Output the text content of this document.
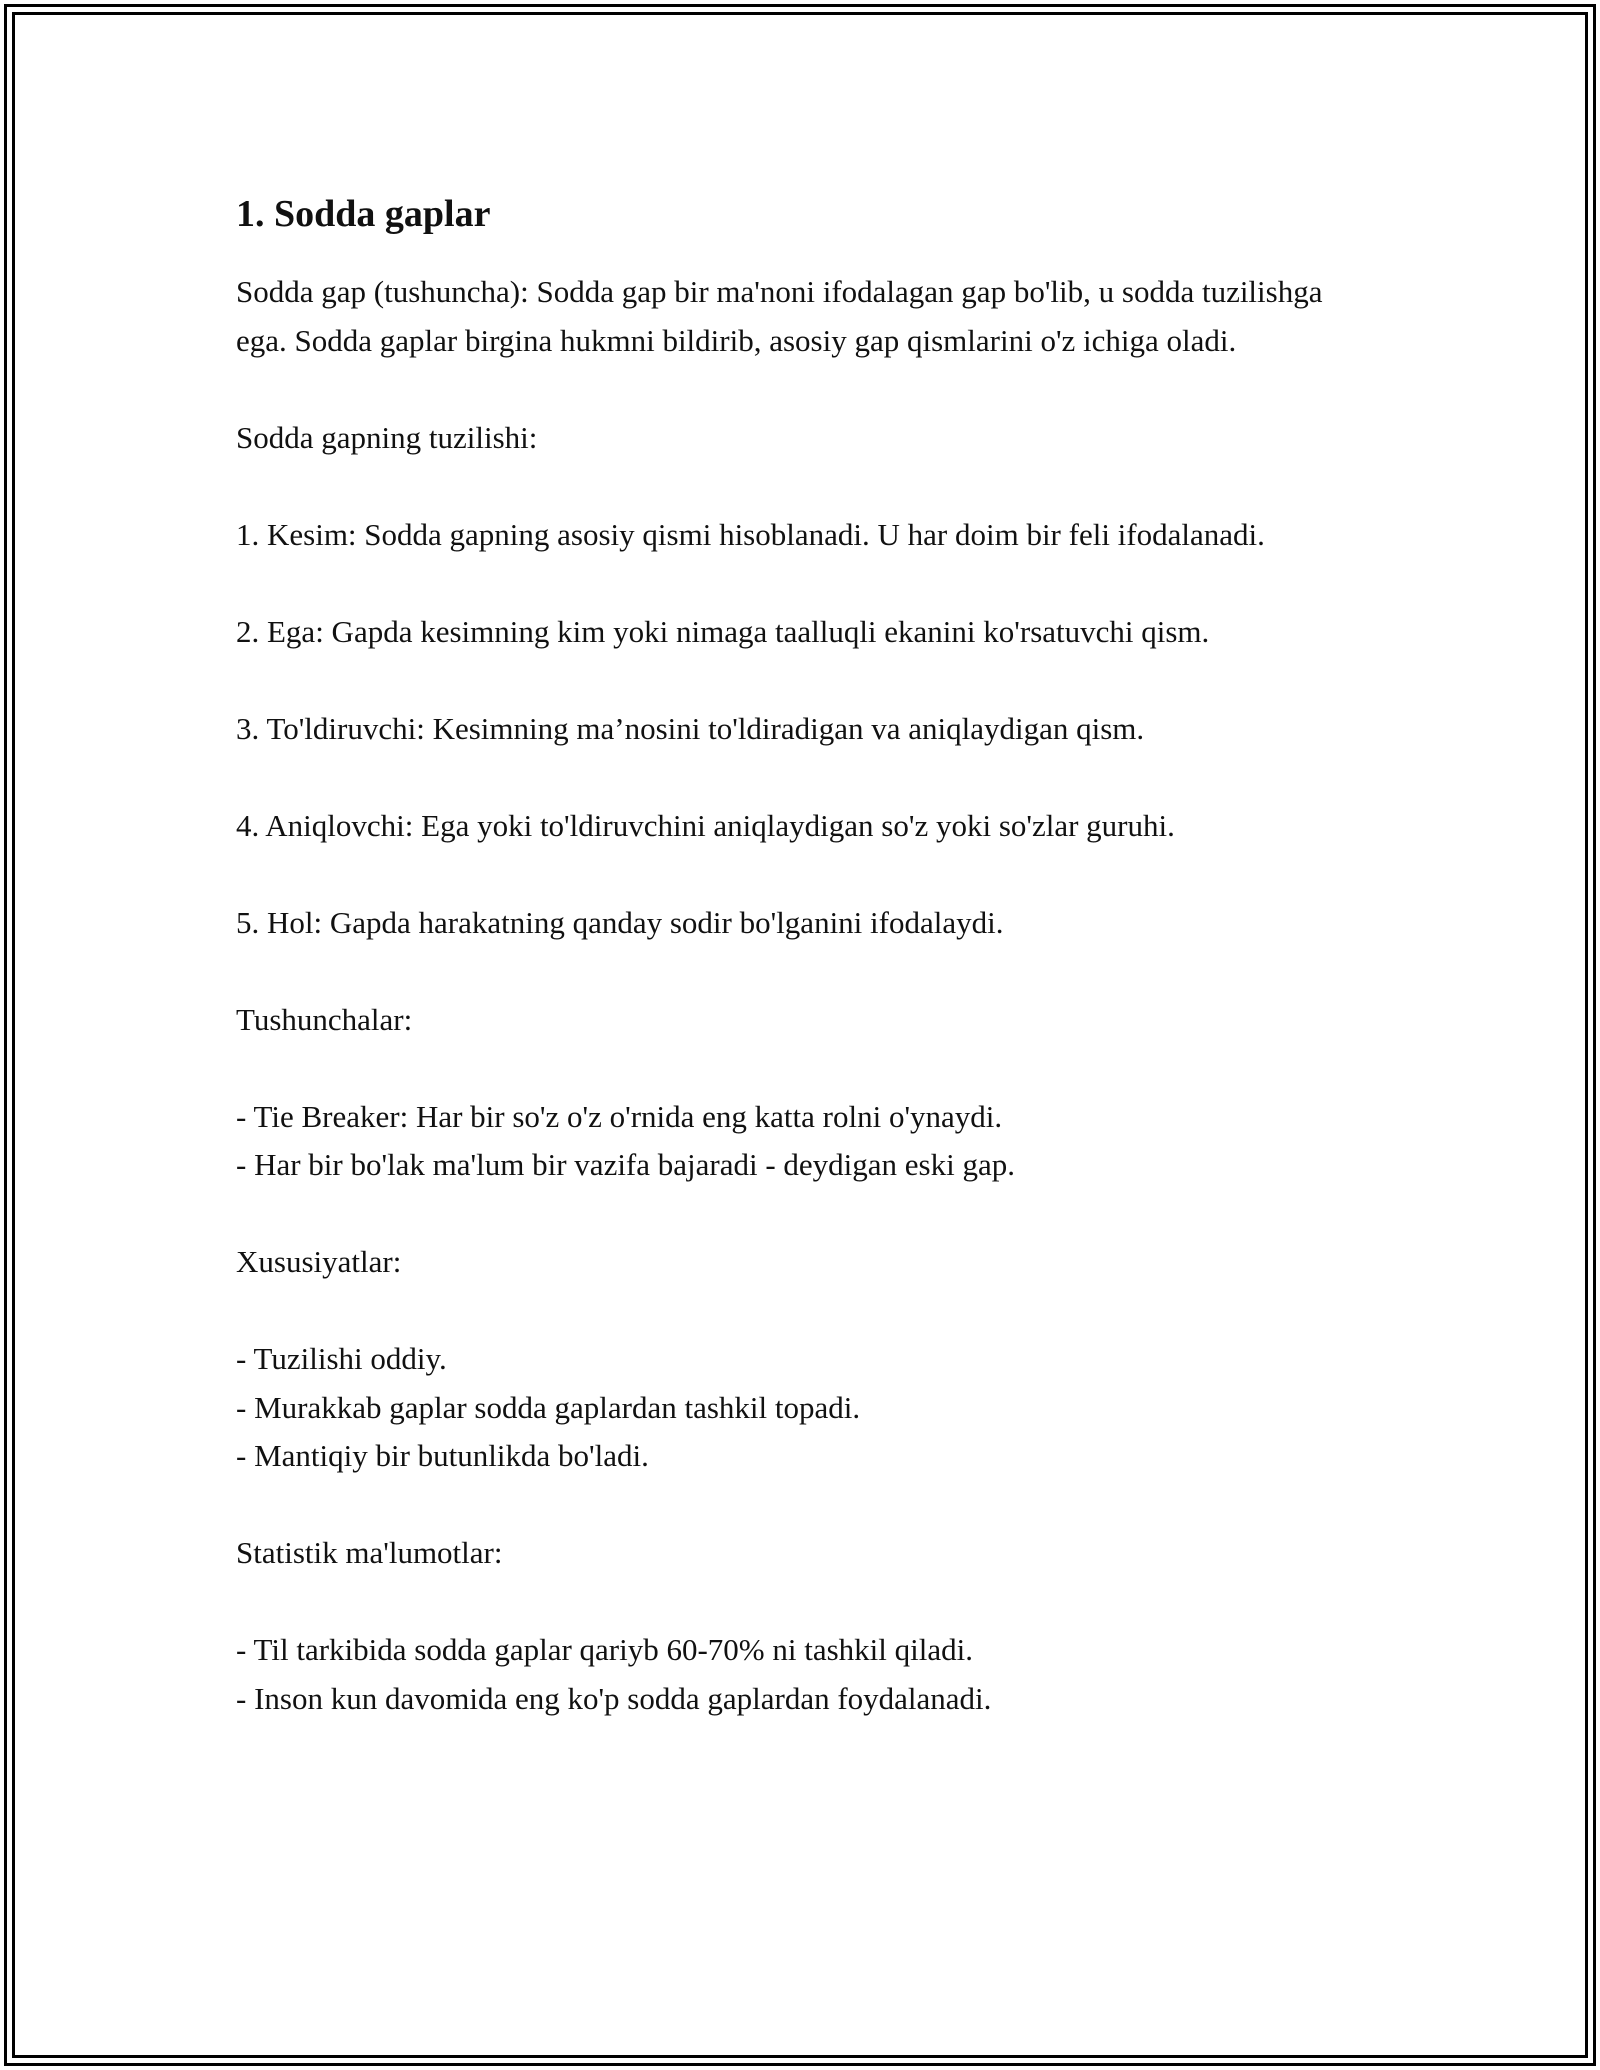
1. Sodda gaplar

Sodda gap (tushuncha): Sodda gap bir ma'noni ifodalagan gap bo'lib, u sodda tuzilishga ega. Sodda gaplar birgina hukmni bildirib, asosiy gap qismlarini o'z ichiga oladi.

Sodda gapning tuzilishi:

1. Kesim: Sodda gapning asosiy qismi hisoblanadi. U har doim bir feli ifodalanadi.

2. Ega: Gapda kesimning kim yoki nimaga taalluqli ekanini ko'rsatuvchi qism.

3. To'ldiruvchi: Kesimning ma’nosini to'ldiradigan va aniqlaydigan qism.

4. Aniqlovchi: Ega yoki to'ldiruvchini aniqlaydigan so'z yoki so'zlar guruhi.

5. Hol: Gapda harakatning qanday sodir bo'lganini ifodalaydi.

Tushunchalar:

- Tie Breaker: Har bir so'z o'z o'rnida eng katta rolni o'ynaydi.

- Har bir bo'lak ma'lum bir vazifa bajaradi - deydigan eski gap.

Xususiyatlar:

- Tuzilishi oddiy.

- Murakkab gaplar sodda gaplardan tashkil topadi.

- Mantiqiy bir butunlikda bo'ladi.

Statistik ma'lumotlar:

- Til tarkibida sodda gaplar qariyb 60-70% ni tashkil qiladi.

- Inson kun davomida eng ko'p sodda gaplardan foydalanadi.
